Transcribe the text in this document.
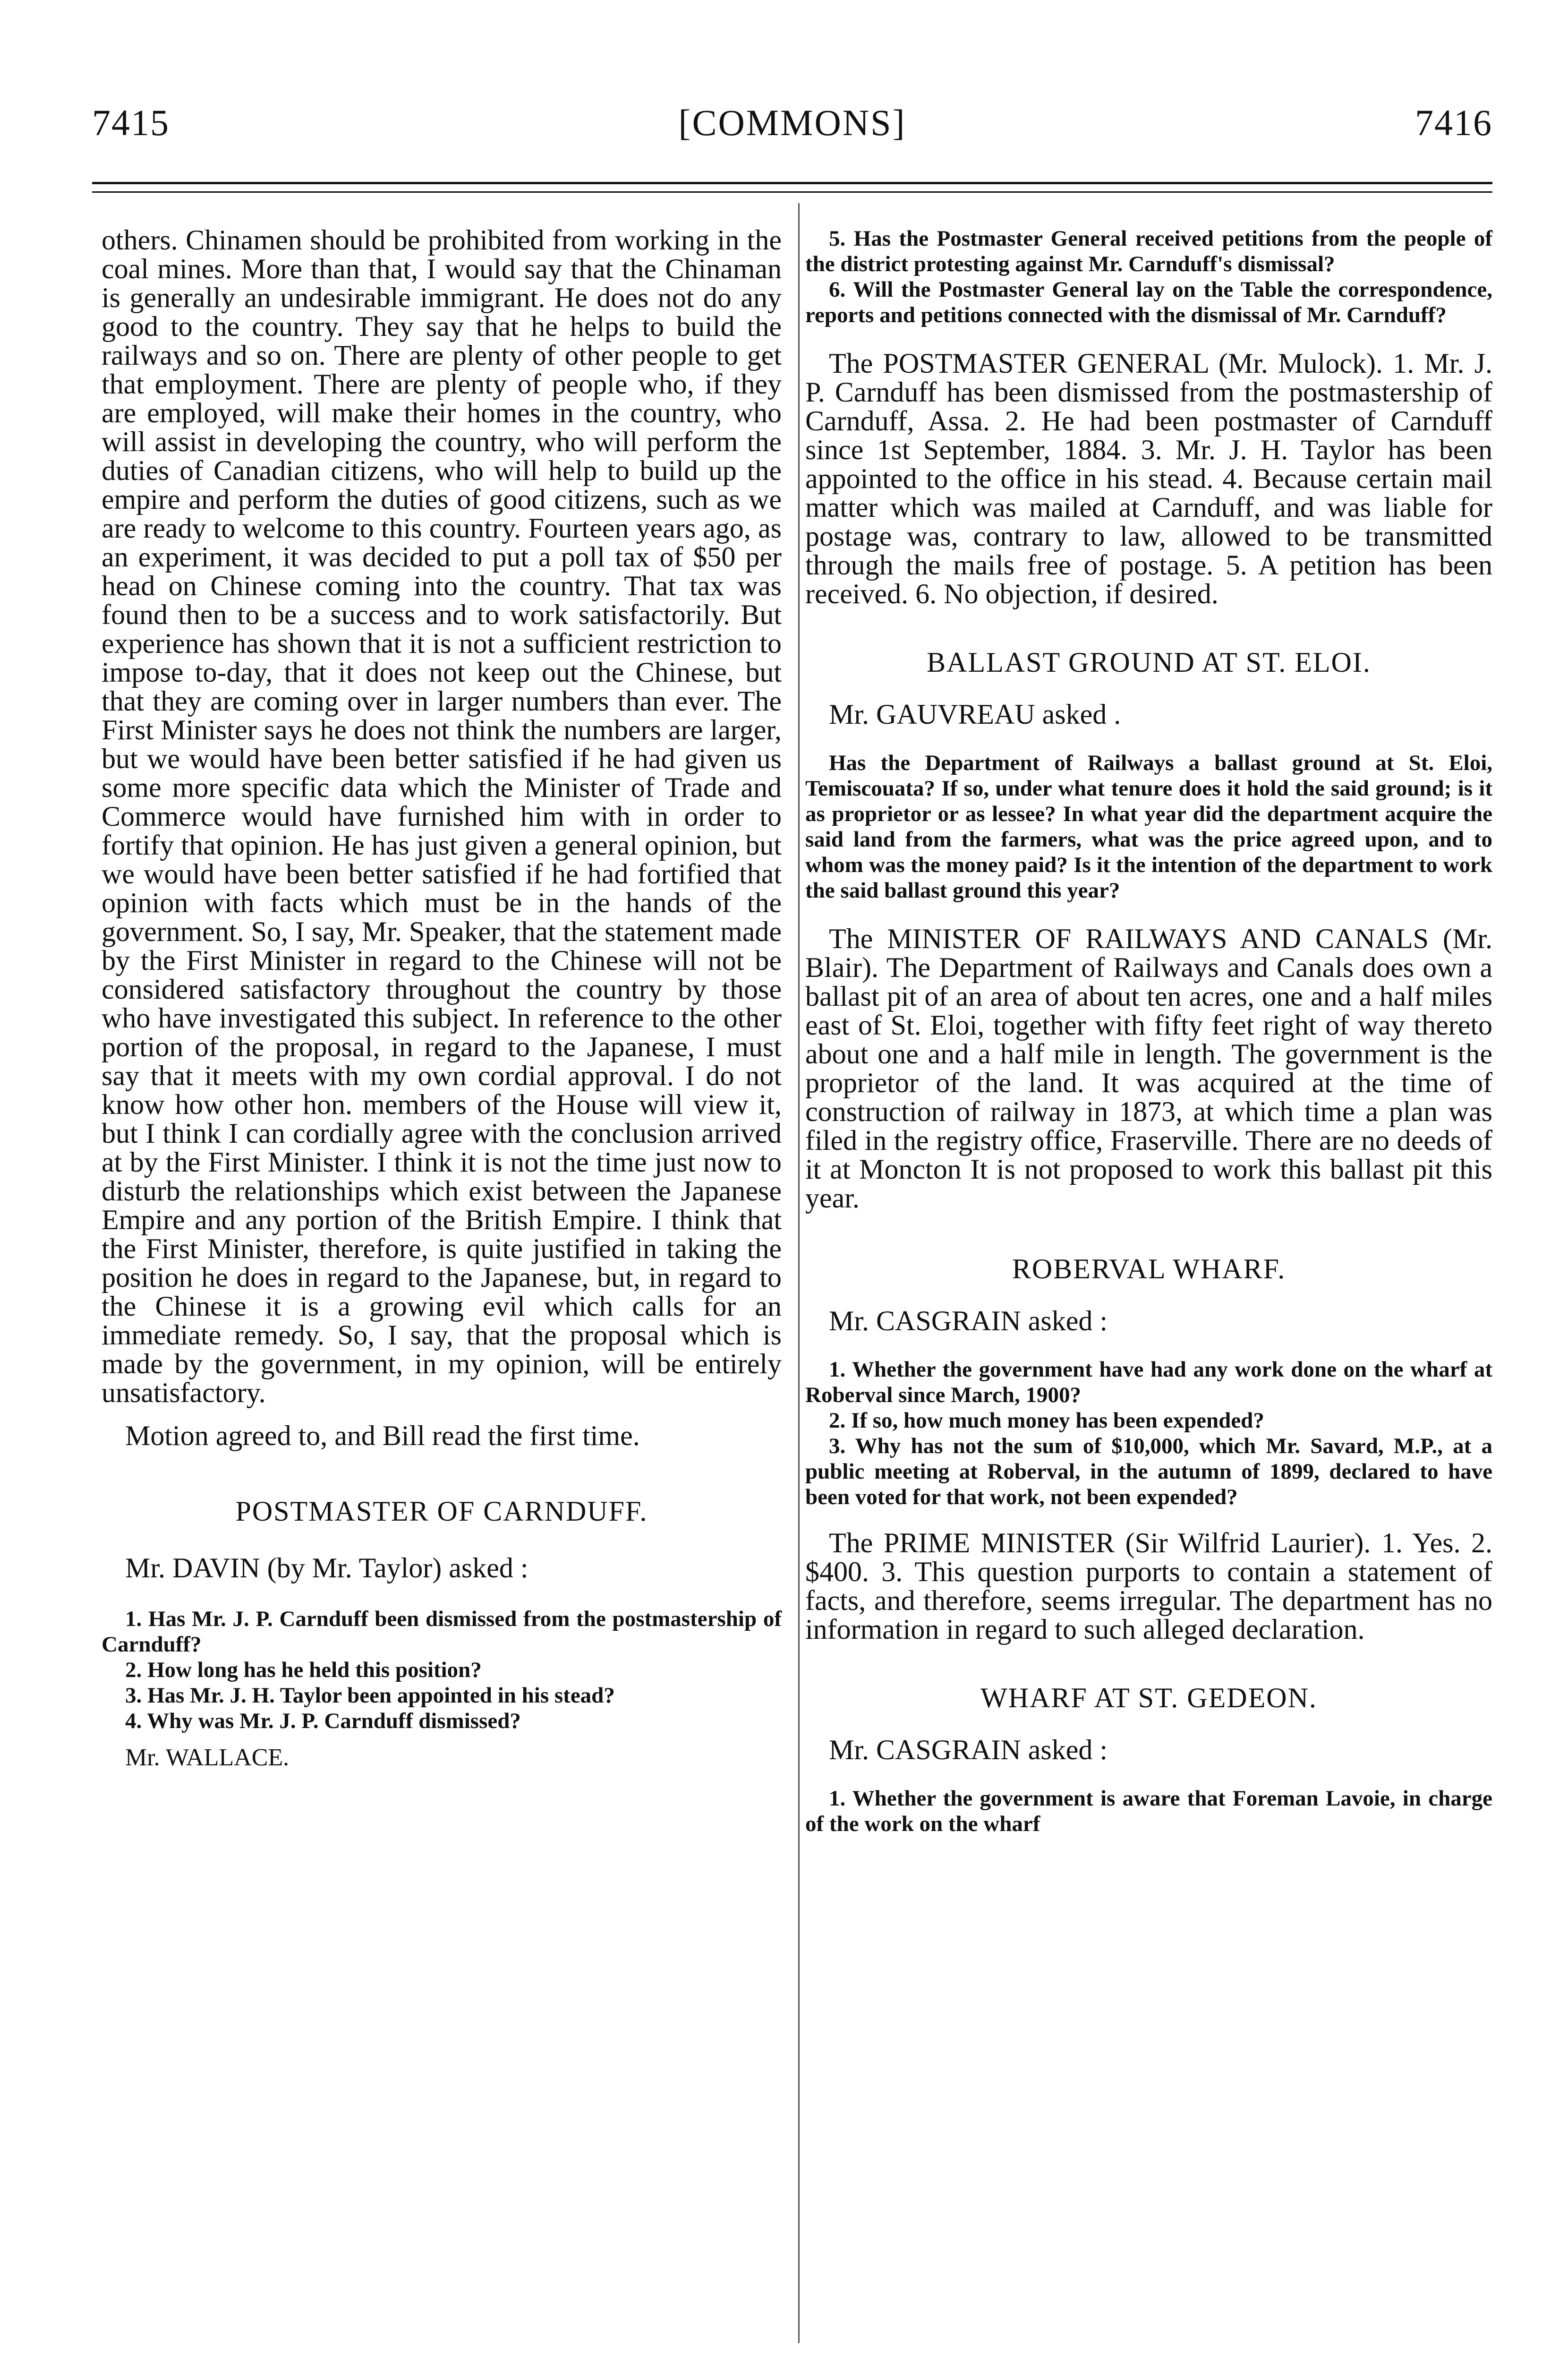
7415	[COMMONS]	7416

others. Chinamen should be prohibited from working in the coal mines. More than that, I would say that the Chinaman is generally an undesirable immigrant. He does not do any good to the country. They say that he helps to build the railways and so on. There are plenty of other people to get that employment. There are plenty of people who, if they are employed, will make their homes in the country, who will assist in developing the country, who will perform the duties of Canadian citizens, who will help to build up the empire and perform the duties of good citizens, such as we are ready to welcome to this country. Fourteen years ago, as an experiment, it was decided to put a poll tax of $50 per head on Chinese coming into the country. That tax was found then to be a success and to work satisfactorily. But experience has shown that it is not a sufficient restriction to impose to-day, that it does not keep out the Chinese, but that they are coming over in larger numbers than ever. The First Minister says he does not think the numbers are larger, but we would have been better satisfied if he had given us some more specific data which the Minister of Trade and Commerce would have furnished him with in order to fortify that opinion. He has just given a general opinion, but we would have been better satisfied if he had fortified that opinion with facts which must be in the hands of the government. So, I say, Mr. Speaker, that the statement made by the First Minister in regard to the Chinese will not be considered satisfactory throughout the country by those who have investigated this subject. In reference to the other portion of the proposal, in regard to the Japanese, I must say that it meets with my own cordial approval. I do not know how other hon. members of the House will view it, but I think I can cordially agree with the conclusion arrived at by the First Minister. I think it is not the time just now to disturb the relationships which exist between the Japanese Empire and any portion of the British Empire. I think that the First Minister, therefore, is quite justified in taking the position he does in regard to the Japanese, but, in regard to the Chinese it is a growing evil which calls for an immediate remedy. So, I say, that the proposal which is made by the government, in my opinion, will be entirely unsatisfactory.

Motion agreed to, and Bill read the first time.

POSTMASTER OF CARNDUFF.

Mr. DAVIN (by Mr. Taylor) asked :

1. Has Mr. J. P. Carnduff been dismissed from the postmastership of Carnduff?

2. How long has he held this position?

3. Has Mr. J. H. Taylor been appointed in his stead?

4. Why was Mr. J. P. Carnduff dismissed?

Mr. WALLACE.

5. Has the Postmaster General received petitions from the people of the district protesting against Mr. Carnduff's dismissal?

6. Will the Postmaster General lay on the Table the correspondence, reports and petitions connected with the dismissal of Mr. Carnduff?

The POSTMASTER GENERAL (Mr. Mulock). 1. Mr. J. P. Carnduff has been dismissed from the postmastership of Carnduff, Assa. 2. He had been postmaster of Carnduff since 1st September, 1884. 3. Mr. J. H. Taylor has been appointed to the office in his stead. 4. Because certain mail matter which was mailed at Carnduff, and was liable for postage was, contrary to law, allowed to be transmitted through the mails free of postage. 5. A petition has been received. 6. No objection, if desired.

BALLAST GROUND AT ST. ELOI.

Mr. GAUVREAU asked .

Has the Department of Railways a ballast ground at St. Eloi, Temiscouata? If so, under what tenure does it hold the said ground; is it as proprietor or as lessee? In what year did the department acquire the said land from the farmers, what was the price agreed upon, and to whom was the money paid? Is it the intention of the department to work the said ballast ground this year?

The MINISTER OF RAILWAYS AND CANALS (Mr. Blair). The Department of Railways and Canals does own a ballast pit of an area of about ten acres, one and a half miles east of St. Eloi, together with fifty feet right of way thereto about one and a half mile in length. The government is the proprietor of the land. It was acquired at the time of construction of railway in 1873, at which time a plan was filed in the registry office, Fraserville. There are no deeds of it at Moncton It is not proposed to work this ballast pit this year.

ROBERVAL WHARF.

Mr. CASGRAIN asked :

1. Whether the government have had any work done on the wharf at Roberval since March, 1900?

2. If so, how much money has been expended?

3. Why has not the sum of $10,000, which Mr. Savard, M.P., at a public meeting at Roberval, in the autumn of 1899, declared to have been voted for that work, not been expended?

The PRIME MINISTER (Sir Wilfrid Laurier). 1. Yes. 2. $400. 3. This question purports to contain a statement of facts, and therefore, seems irregular. The department has no information in regard to such alleged declaration.

WHARF AT ST. GEDEON.

Mr. CASGRAIN asked :

1. Whether the government is aware that Foreman Lavoie, in charge of the work on the wharf
